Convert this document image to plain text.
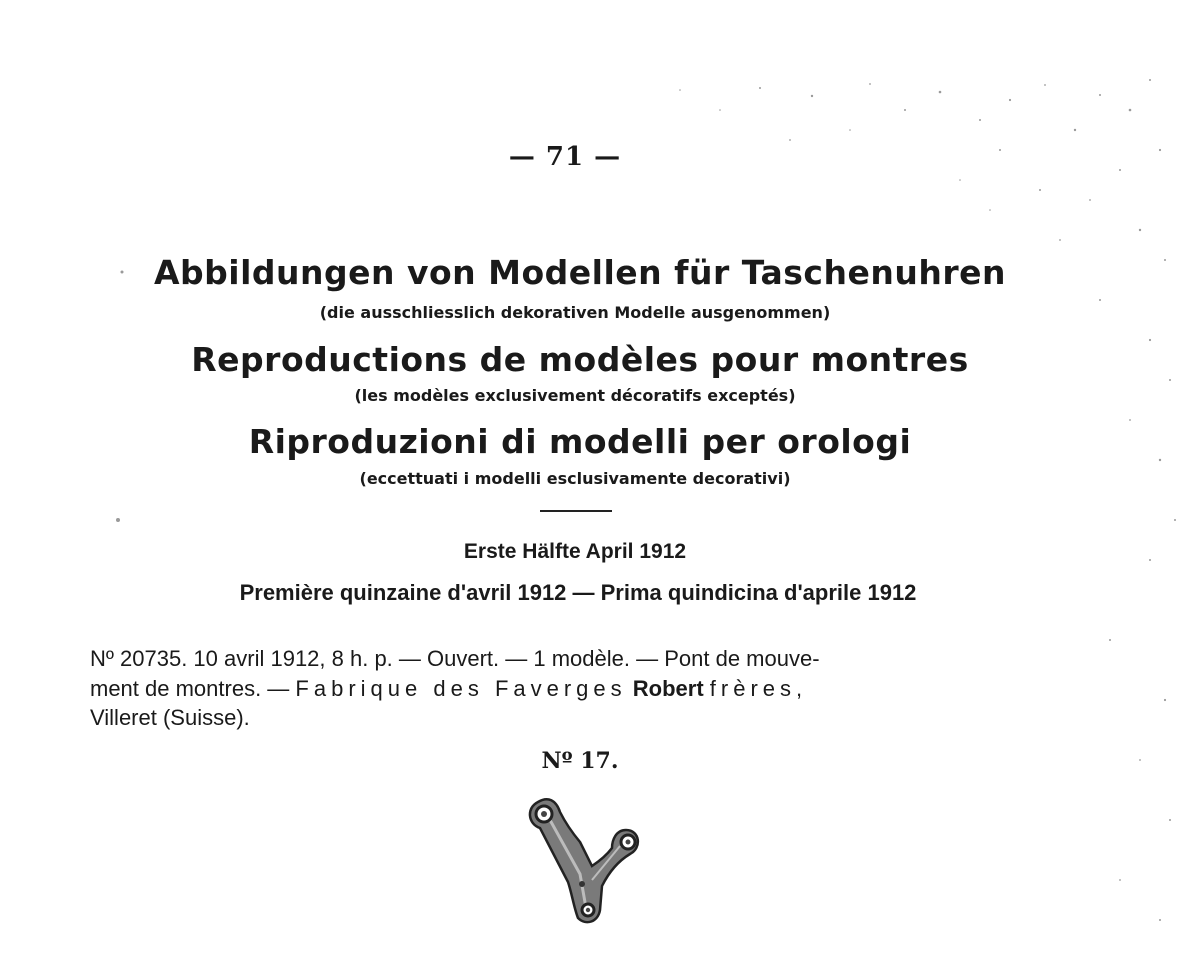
— 71 —
Abbildungen von Modellen für Taschenuhren
(die ausschliesslich dekorativen Modelle ausgenommen)
Reproductions de modèles pour montres
(les modèles exclusivement décoratifs exceptés)
Riproduzioni di modelli per orologi
(eccettuati i modelli esclusivamente decorativi)
Erste Hälfte April 1912
Première quinzaine d'avril 1912 — Prima quindicina d'aprile 1912
Nº 20735. 10 avril 1912, 8 h. p. — Ouvert. — 1 modèle. — Pont de mouve-
ment de montres. — Fabrique des Faverges Robert frères,
Villeret (Suisse).
Nº 17.
